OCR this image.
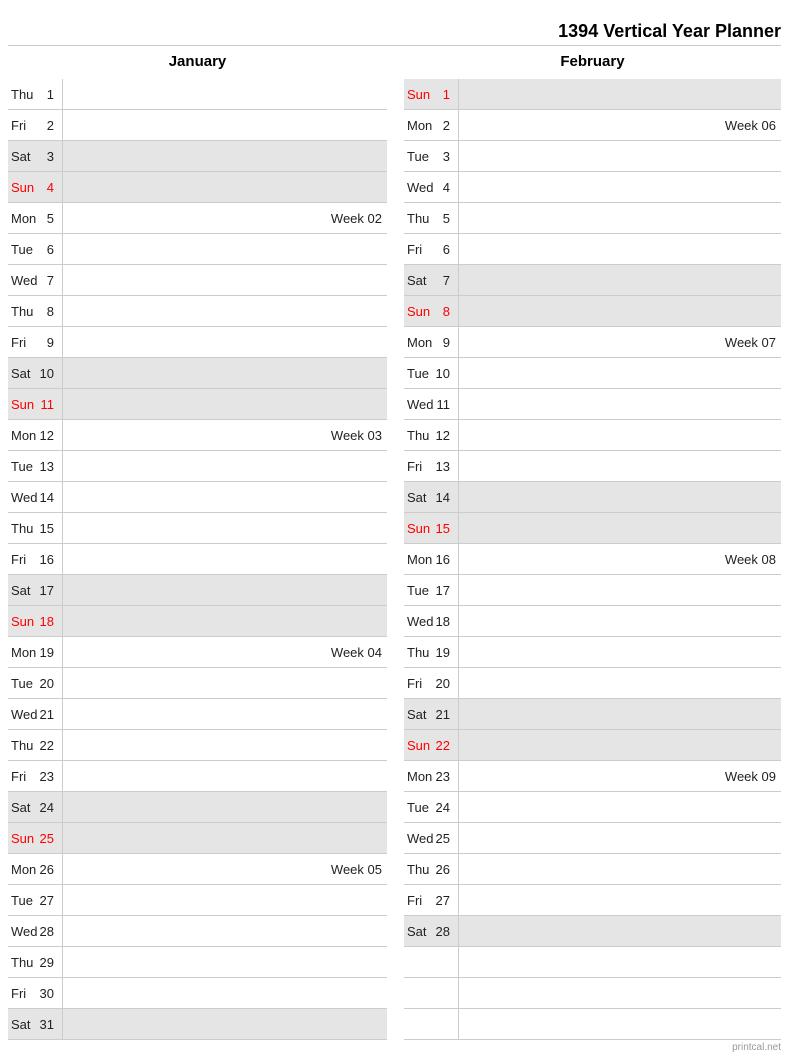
1394 Vertical Year Planner
January
Thu 1
Fri 2
Sat 3
Sun 4
Mon 5	Week 02
Tue 6
Wed 7
Thu 8
Fri 9
Sat 10
Sun 11
Mon 12	Week 03
Tue 13
Wed 14
Thu 15
Fri 16
Sat 17
Sun 18
Mon 19	Week 04
Tue 20
Wed 21
Thu 22
Fri 23
Sat 24
Sun 25
Mon 26	Week 05
Tue 27
Wed 28
Thu 29
Fri 30
Sat 31
February
Sun 1
Mon 2	Week 06
Tue 3
Wed 4
Thu 5
Fri 6
Sat 7
Sun 8
Mon 9	Week 07
Tue 10
Wed 11
Thu 12
Fri 13
Sat 14
Sun 15
Mon 16	Week 08
Tue 17
Wed 18
Thu 19
Fri 20
Sat 21
Sun 22
Mon 23	Week 09
Tue 24
Wed 25
Thu 26
Fri 27
Sat 28
printcal.net
